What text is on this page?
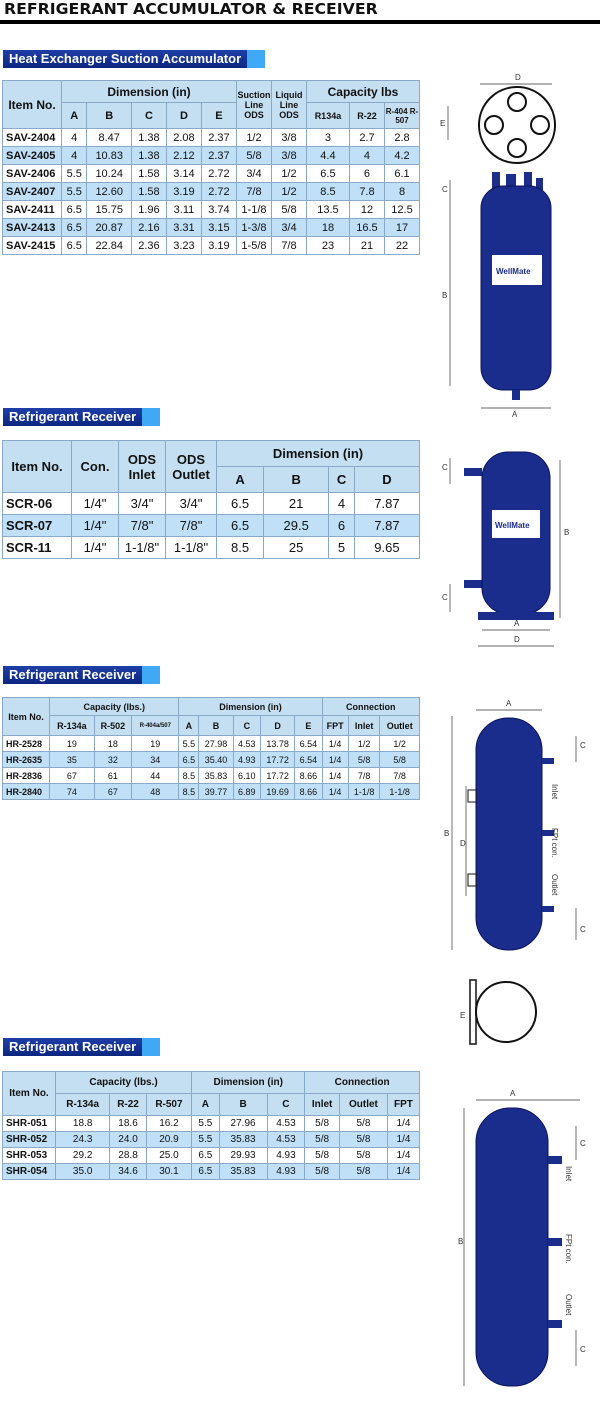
REFRIGERANT ACCUMULATOR & RECEIVER
Heat Exchanger Suction Accumulator
Item No.	Dimension (in)					Suction Line ODS	Liquid Line ODS	Capacity lbs		
	A	B	C	D	E			R134a	R-22	R-404 R-507
SAV-2404	4	8.47	1.38	2.08	2.37	1/2	3/8	3	2.7	2.8
SAV-2405	4	10.83	1.38	2.12	2.37	5/8	3/8	4.4	4	4.2
SAV-2406	5.5	10.24	1.58	3.14	2.72	3/4	1/2	6.5	6	6.1
SAV-2407	5.5	12.60	1.58	3.19	2.72	7/8	1/2	8.5	7.8	8
SAV-2411	6.5	15.75	1.96	3.11	3.74	1-1/8	5/8	13.5	12	12.5
SAV-2413	6.5	20.87	2.16	3.31	3.15	1-3/8	3/4	18	16.5	17
SAV-2415	6.5	22.84	2.36	3.23	3.19	1-5/8	7/8	23	21	22
D
E
C
B
WellMate
A
Refrigerant Receiver
Item No.	Con.	ODS Inlet	ODS Outlet	Dimension (in)			
				A	B	C	D
SCR-06	1/4"	3/4"	3/4"	6.5	21	4	7.87
SCR-07	1/4"	7/8"	7/8"	6.5	29.5	6	7.87
SCR-11	1/4"	1-1/8"	1-1/8"	8.5	25	5	9.65
C
C
B
WellMate
A
D
Refrigerant Receiver
Item No.	Capacity (lbs.)			Dimension (in)					Connection		
	R-134a	R-502	R-404a/507	A	B	C	D	E	FPT	Inlet	Outlet
HR-2528	19	18	19	5.5	27.98	4.53	13.78	6.54	1/4	1/2	1/2
HR-2635	35	32	34	6.5	35.40	4.93	17.72	6.54	1/4	5/8	5/8
HR-2836	67	61	44	8.5	35.83	6.10	17.72	8.66	1/4	7/8	7/8
HR-2840	74	67	48	8.5	39.77	6.89	19.69	8.66	1/4	1-1/8	1-1/8
A
C
C
B
D
Inlet
FPt con.
Outlet
E
Refrigerant Receiver
Item No.	Capacity (lbs.)			Dimension (in)			Connection		
	R-134a	R-22	R-507	A	B	C	Inlet	Outlet	FPT
SHR-051	18.8	18.6	16.2	5.5	27.96	4.53	5/8	5/8	1/4
SHR-052	24.3	24.0	20.9	5.5	35.83	4.53	5/8	5/8	1/4
SHR-053	29.2	28.8	25.0	6.5	29.93	4.93	5/8	5/8	1/4
SHR-054	35.0	34.6	30.1	6.5	35.83	4.93	5/8	5/8	1/4
A
C
C
B
Inlet
FPt con.
Outlet
